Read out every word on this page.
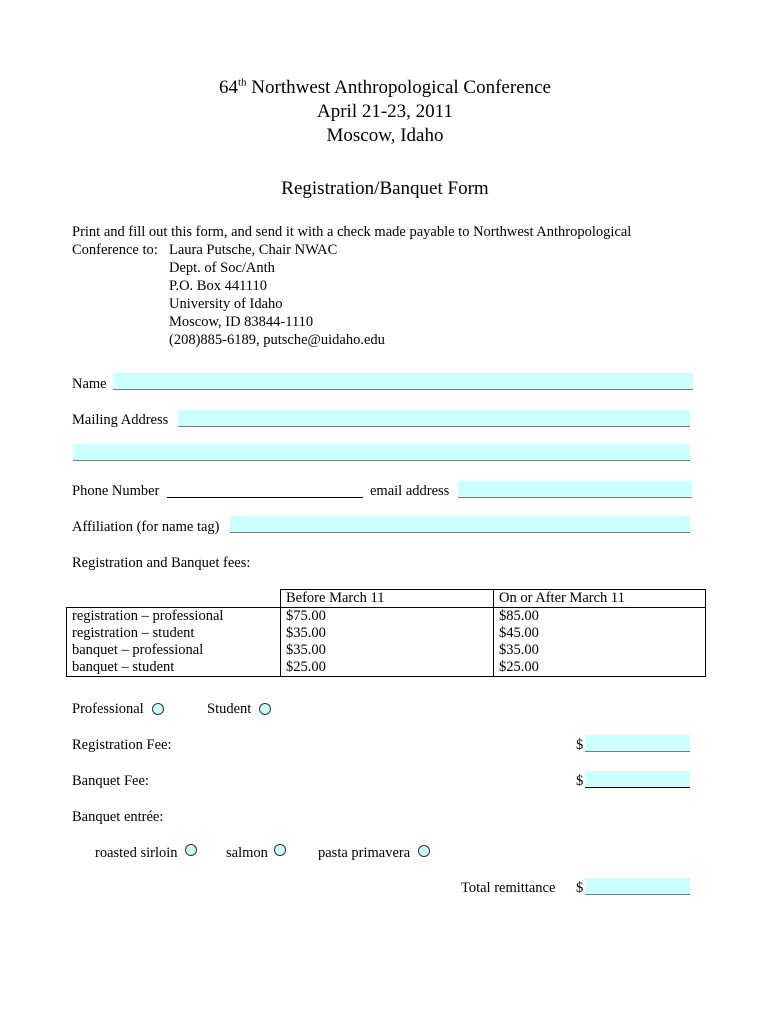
64th Northwest Anthropological Conference
April 21-23, 2011
Moscow, Idaho
Registration/Banquet Form
Print and fill out this form, and send it with a check made payable to Northwest Anthropological
Conference to: Laura Putsche, Chair NWAC
Dept. of Soc/Anth
P.O. Box 441110
University of Idaho
Moscow, ID 83844-1110
(208)885-6189, putsche@uidaho.edu
Name
Mailing Address
Phone Number	email address
Affiliation (for name tag)
Registration and Banquet fees:
	Before March 11	On or After March 11
registration – professional	$75.00	$85.00
registration – student	$35.00	$45.00
banquet – professional	$35.00	$35.00
banquet – student	$25.00	$25.00
Professional	Student
Registration Fee:	$
Banquet Fee:	$
Banquet entrée:
roasted sirloin	salmon	pasta primavera
Total remittance $
